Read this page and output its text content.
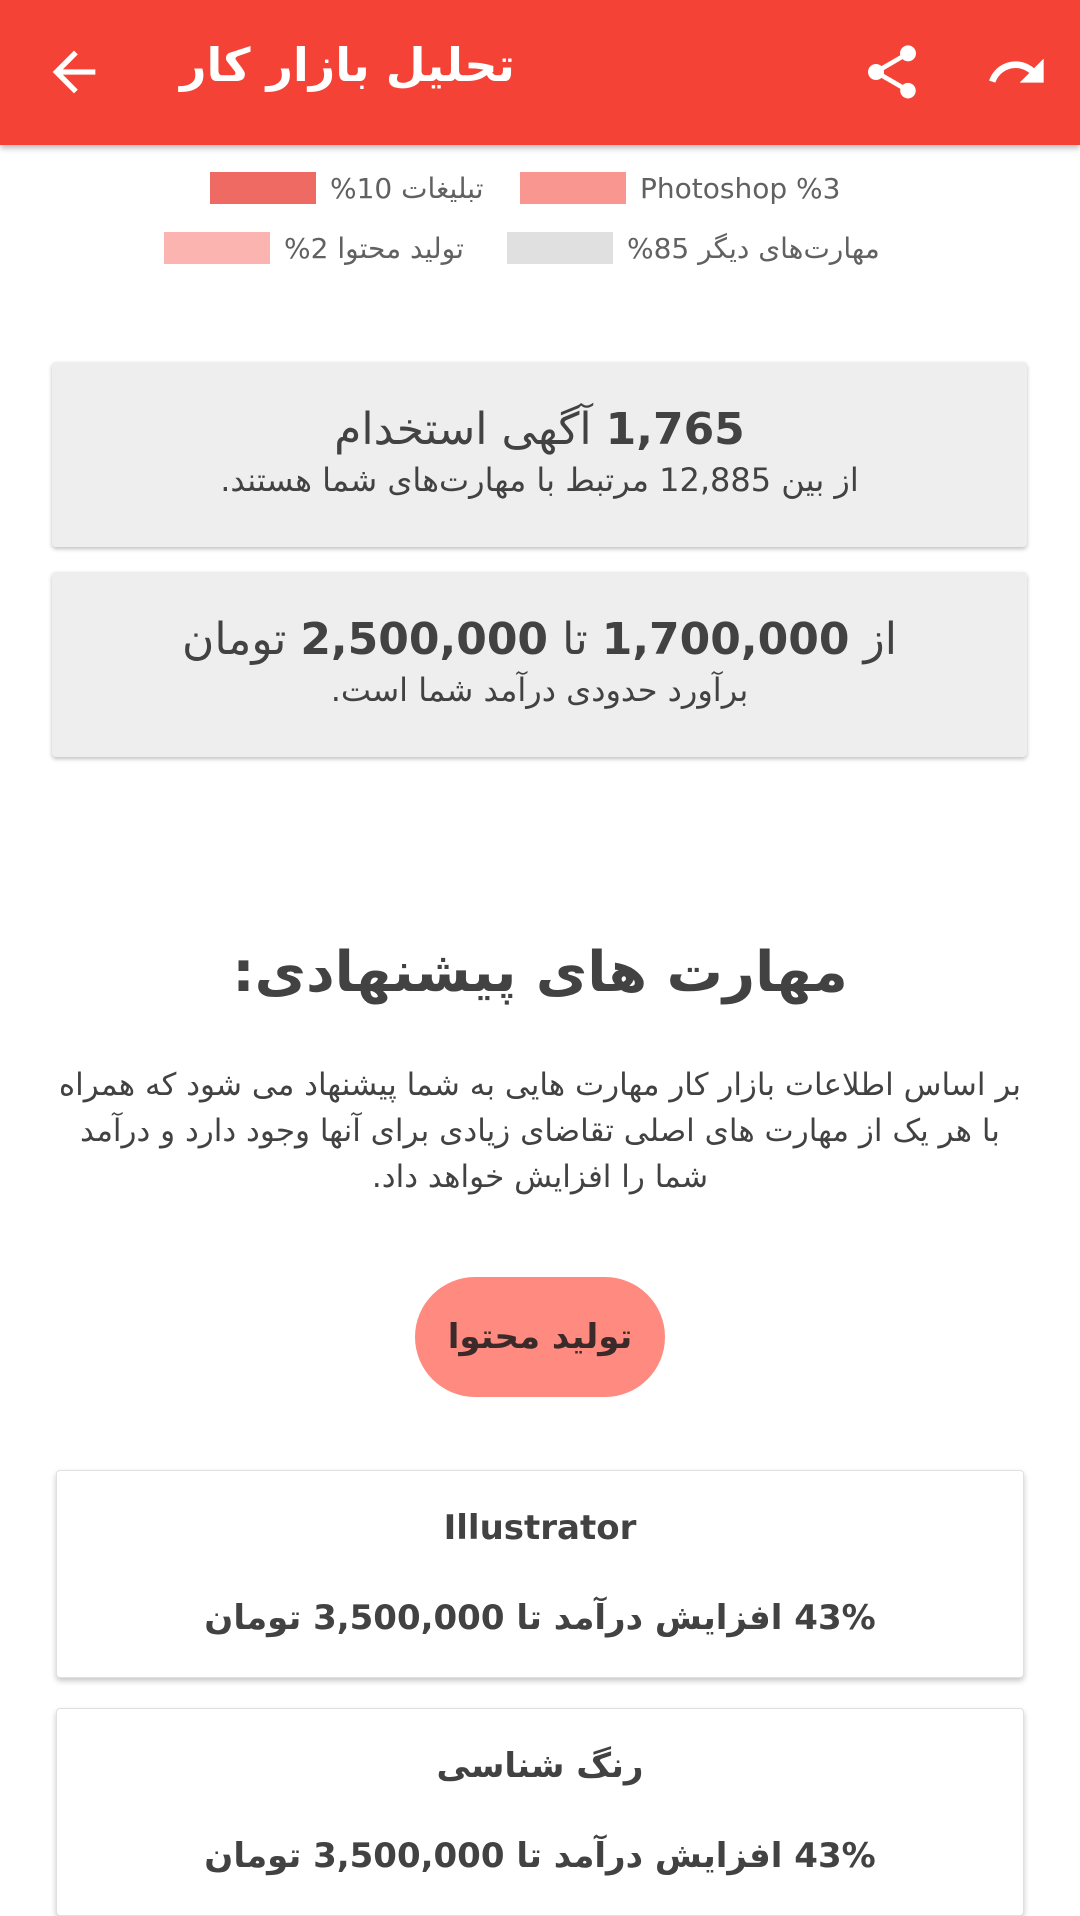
تحلیل بازار کار
تبلیغات 10%	Photoshop %3
تولید محتوا 2%	مهارت‌های دیگر 85%
1,765 آگهی استخدام
از بین 12,885 مرتبط با مهارت‌های شما هستند.
از 1,700,000 تا 2,500,000 تومان
برآورد حدودی درآمد شما است.
مهارت های پیشنهادی:
بر اساس اطلاعات بازار کار مهارت هایی به شما پیشنهاد می شود که همراه با هر یک از مهارت های اصلی تقاضای زیادی برای آنها وجود دارد و درآمد شما را افزایش خواهد داد.
تولید محتوا
Illustrator
43% افزایش درآمد تا 3,500,000 تومان
رنگ شناسی
43% افزایش درآمد تا 3,500,000 تومان
